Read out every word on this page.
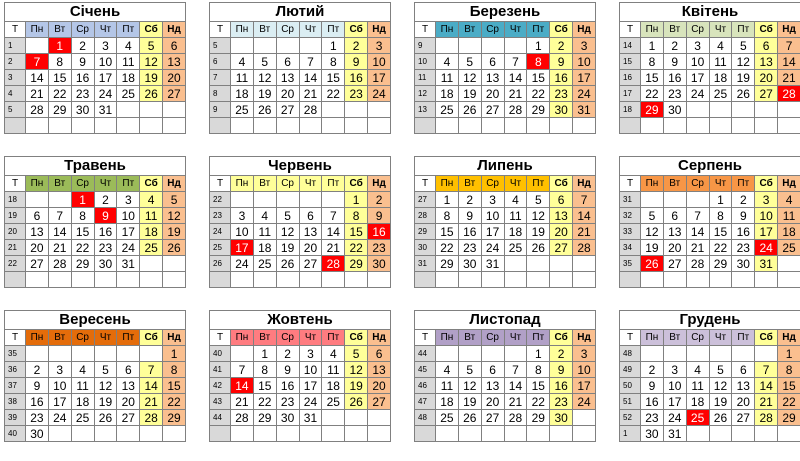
Січень
Т	Пн	Вт	Ср	Чт	Пт	Сб	Нд
1		1	2	3	4	5	6
2	7	8	9	10	11	12	13
3	14	15	16	17	18	19	20
4	21	22	23	24	25	26	27
5	28	29	30	31			

Лютий
Т	Пн	Вт	Ср	Чт	Пт	Сб	Нд
5					1	2	3
6	4	5	6	7	8	9	10
7	11	12	13	14	15	16	17
8	18	19	20	21	22	23	24
9	25	26	27	28			

Березень
Т	Пн	Вт	Ср	Чт	Пт	Сб	Нд
9					1	2	3
10	4	5	6	7	8	9	10
11	11	12	13	14	15	16	17
12	18	19	20	21	22	23	24
13	25	26	27	28	29	30	31

Квітень
Т	Пн	Вт	Ср	Чт	Пт	Сб	Нд
14	1	2	3	4	5	6	7
15	8	9	10	11	12	13	14
16	15	16	17	18	19	20	21
17	22	23	24	25	26	27	28
18	29	30					

Травень
Т	Пн	Вт	Ср	Чт	Пт	Сб	Нд
18			1	2	3	4	5
19	6	7	8	9	10	11	12
20	13	14	15	16	17	18	19
21	20	21	22	23	24	25	26
22	27	28	29	30	31		

Червень
Т	Пн	Вт	Ср	Чт	Пт	Сб	Нд
22						1	2
23	3	4	5	6	7	8	9
24	10	11	12	13	14	15	16
25	17	18	19	20	21	22	23
26	24	25	26	27	28	29	30

Липень
Т	Пн	Вт	Ср	Чт	Пт	Сб	Нд
27	1	2	3	4	5	6	7
28	8	9	10	11	12	13	14
29	15	16	17	18	19	20	21
30	22	23	24	25	26	27	28
31	29	30	31				

Серпень
Т	Пн	Вт	Ср	Чт	Пт	Сб	Нд
31				1	2	3	4
32	5	6	7	8	9	10	11
33	12	13	14	15	16	17	18
34	19	20	21	22	23	24	25
35	26	27	28	29	30	31	

Вересень
Т	Пн	Вт	Ср	Чт	Пт	Сб	Нд
35							1
36	2	3	4	5	6	7	8
37	9	10	11	12	13	14	15
38	16	17	18	19	20	21	22
39	23	24	25	26	27	28	29
40	30						
Жовтень
Т	Пн	Вт	Ср	Чт	Пт	Сб	Нд
40		1	2	3	4	5	6
41	7	8	9	10	11	12	13
42	14	15	16	17	18	19	20
43	21	22	23	24	25	26	27
44	28	29	30	31			

Листопад
Т	Пн	Вт	Ср	Чт	Пт	Сб	Нд
44					1	2	3
45	4	5	6	7	8	9	10
46	11	12	13	14	15	16	17
47	18	19	20	21	22	23	24
48	25	26	27	28	29	30	

Грудень
Т	Пн	Вт	Ср	Чт	Пт	Сб	Нд
48							1
49	2	3	4	5	6	7	8
50	9	10	11	12	13	14	15
51	16	17	18	19	20	21	22
52	23	24	25	26	27	28	29
1	30	31					
